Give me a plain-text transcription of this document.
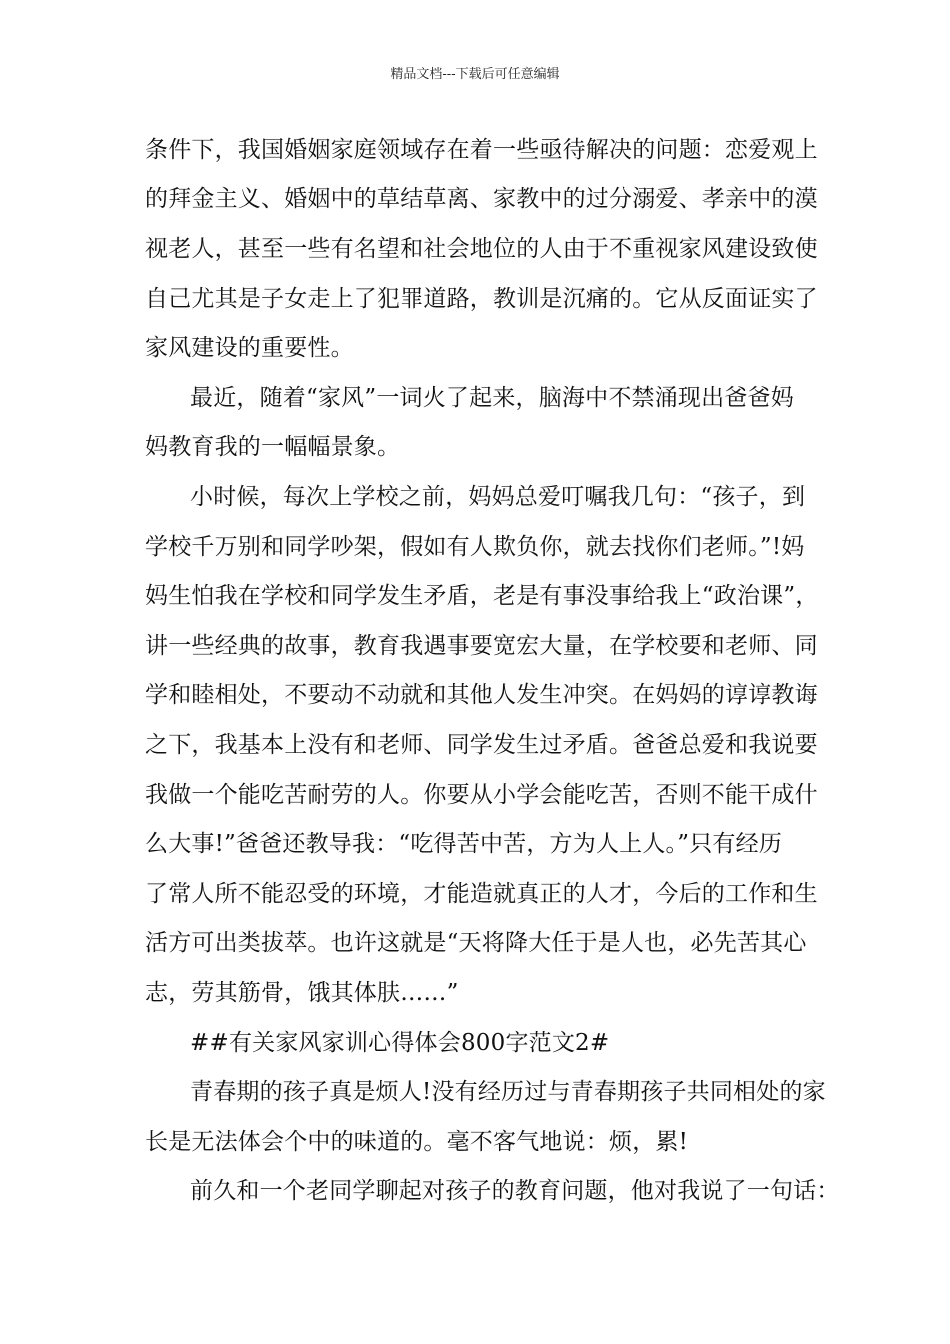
精品文档---下载后可任意编辑
条件下，我国婚姻家庭领域存在着一些亟待解决的问题：恋爱观上
的拜金主义、婚姻中的草结草离、家教中的过分溺爱、孝亲中的漠
视老人，甚至一些有名望和社会地位的人由于不重视家风建设致使
自己尤其是子女走上了犯罪道路，教训是沉痛的。它从反面证实了
家风建设的重要性。
最近，随着“家风”一词火了起来，脑海中不禁涌现出爸爸妈
妈教育我的一幅幅景象。
小时候，每次上学校之前，妈妈总爱叮嘱我几句：“孩子，到
学校千万别和同学吵架，假如有人欺负你，就去找你们老师。”!妈
妈生怕我在学校和同学发生矛盾，老是有事没事给我上“政治课”，
讲一些经典的故事，教育我遇事要宽宏大量，在学校要和老师、同
学和睦相处，不要动不动就和其他人发生冲突。在妈妈的谆谆教诲
之下，我基本上没有和老师、同学发生过矛盾。爸爸总爱和我说要
我做一个能吃苦耐劳的人。你要从小学会能吃苦，否则不能干成什
么大事!”爸爸还教导我：“吃得苦中苦，方为人上人。”只有经历
了常人所不能忍受的环境，才能造就真正的人才，今后的工作和生
活方可出类拔萃。也许这就是“天将降大任于是人也，必先苦其心
志，劳其筋骨，饿其体肤……”
##有关家风家训心得体会800字范文2#
青春期的孩子真是烦人!没有经历过与青春期孩子共同相处的家
长是无法体会个中的味道的。毫不客气地说：烦，累!
前久和一个老同学聊起对孩子的教育问题，他对我说了一句话：
